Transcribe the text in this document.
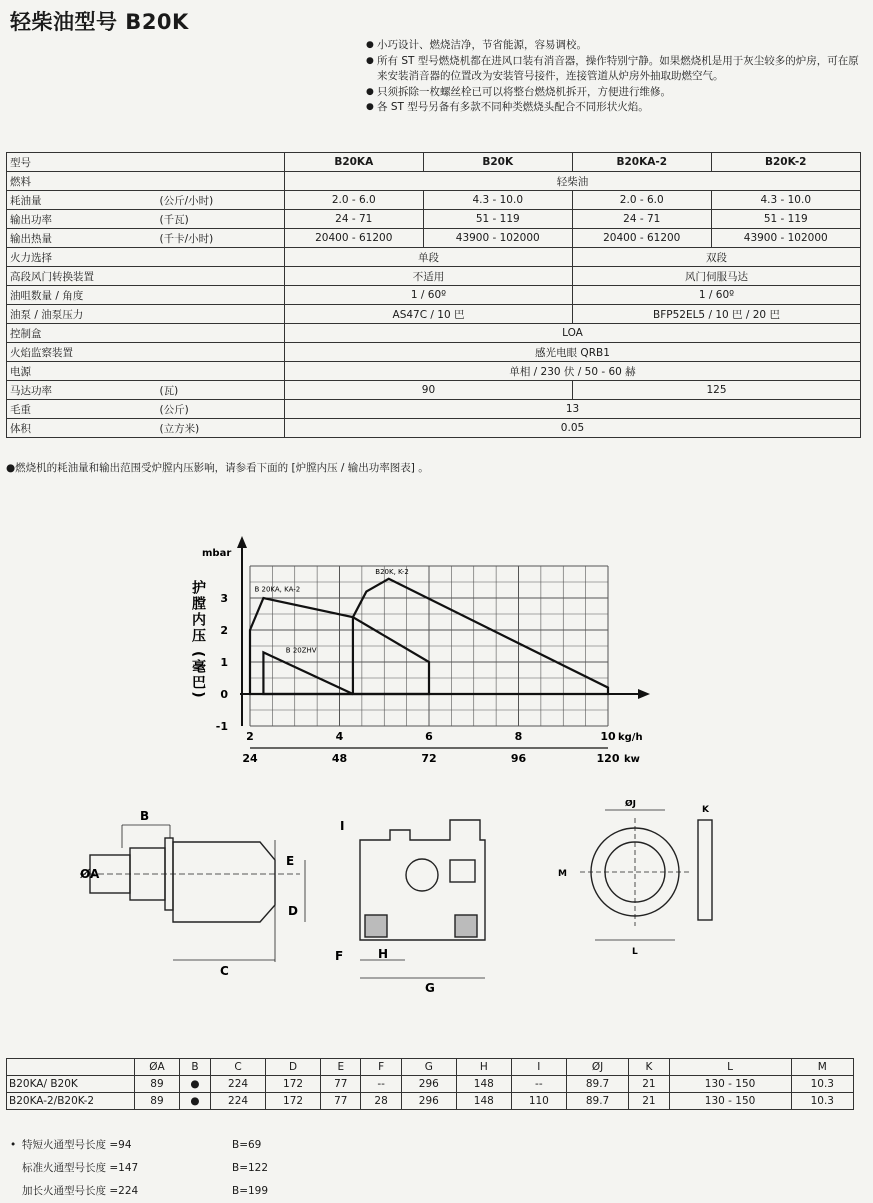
轻柴油型号 B20K
● 小巧设计、燃烧洁净，节省能源，容易调校。
● 所有 ST 型号燃烧机都在进风口装有消音器，操作特别宁静。如果燃烧机是用于灰尘较多的炉房，可在原来安装消音器的位置改为安装管号接件，连接管道从炉房外抽取助燃空气。
● 只须拆除一枚螺丝栓已可以将整台燃烧机拆开，方便进行维修。
● 各 ST 型号另备有多款不同种类燃烧头配合不同形状火焰。
型号		B20KA	B20K	B20KA-2	B20K-2
燃料		轻柴油			
耗油量	(公斤/小时)	2.0 - 6.0	4.3 - 10.0	2.0 - 6.0	4.3 - 10.0
输出功率	(千瓦)	24 - 71	51 - 119	24 - 71	51 - 119
输出热量	(千卡/小时)	20400 - 61200	43900 - 102000	20400 - 61200	43900 - 102000
火力选择		单段		双段	
高段风门转换装置		不适用		风门伺服马达	
油咀数量 / 角度		1 / 60º		1 / 60º	
油泵 / 油泵压力		AS47C / 10 巴		BFP52EL5 / 10 巴 / 20 巴	
控制盒		LOA			
火焰监察装置		感光电眼 QRB1			
电源		单相 / 230 伏 / 50 - 60 赫			
马达功率	(瓦)	90		125	
毛重	(公斤)	13			
体积	(立方米)	0.05			
●燃烧机的耗油量和输出范围受炉膛内压影响，请参看下面的 [炉膛内压 / 输出功率图表] 。
mbar
护膛内压 (毫巴)
-1
0
1
2
3
2	4	6	8	10
24	48	72	96	120
kg/h
kw
B 20KA, KA-2
B20K, K-2
B 20ZHV
B
ØA
C
D
E
F
G
H
I
ØJ
K
L
M
	ØA	B	C	D	E	F	G	H	I	ØJ	K	L	M
B20KA/ B20K	89	●	224	172	77	--	296	148	--	89.7	21	130 - 150	10.3
B20KA-2/B20K-2	89	●	224	172	77	28	296	148	110	89.7	21	130 - 150	10.3
• 特短火通型号长度 =94	B=69
标准火通型号长度 =147	B=122
加长火通型号长度 =224	B=199
